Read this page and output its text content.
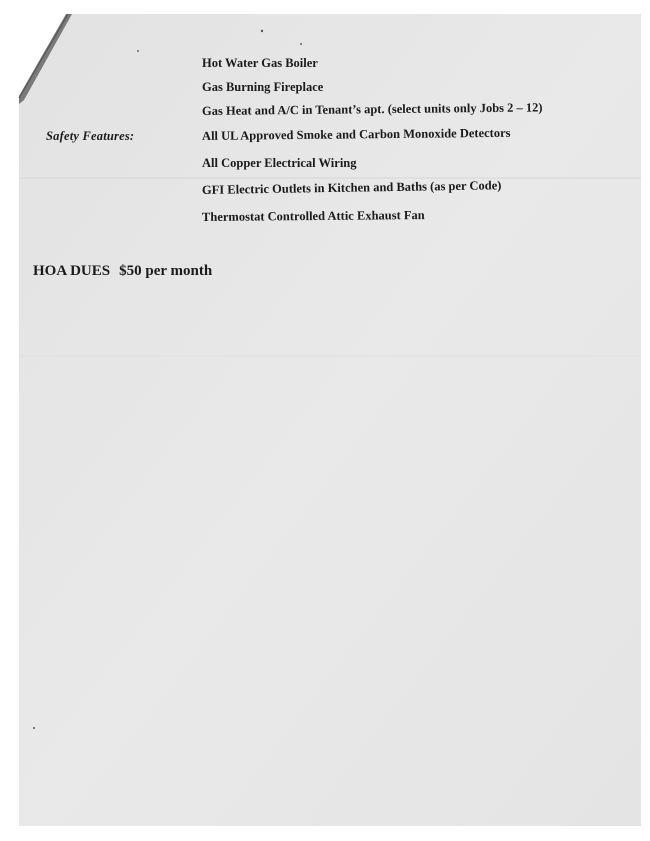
Hot Water Gas Boiler
Gas Burning Fireplace
Gas Heat and A/C in Tenant’s apt. (select units only Jobs 2 – 12)
Safety Features:	All UL Approved Smoke and Carbon Monoxide Detectors
All Copper Electrical Wiring
GFI Electric Outlets in Kitchen and Baths (as per Code)
Thermostat Controlled Attic Exhaust Fan
HOA DUES $50 per month
